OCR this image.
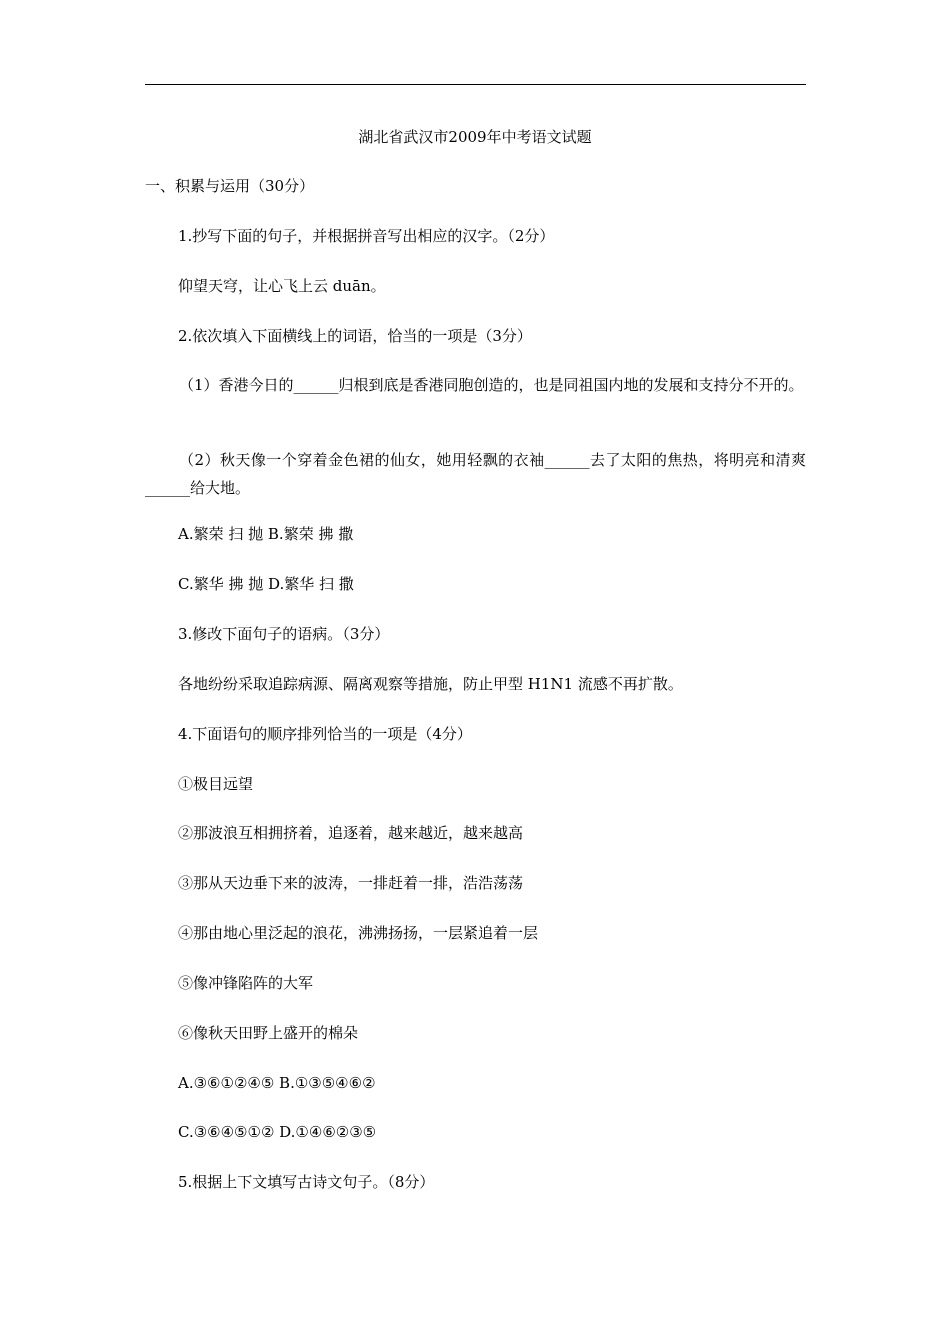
湖北省武汉市2009年中考语文试题
一、积累与运用（30分）
1.抄写下面的句子，并根据拼音写出相应的汉字。（2分）
仰望天穹，让心飞上云 duān。
2.依次填入下面横线上的词语，恰当的一项是（3分）
（1）香港今日的______归根到底是香港同胞创造的，也是同祖国内地的发展和支持分不开的。
（2）秋天像一个穿着金色裙的仙女，她用轻飘的衣袖______去了太阳的焦热，将明亮和清爽______给大地。
A.繁荣 扫 抛 B.繁荣 拂 撒
C.繁华 拂 抛 D.繁华 扫 撒
3.修改下面句子的语病。（3分）
各地纷纷采取追踪病源、隔离观察等措施，防止甲型 H1N1 流感不再扩散。
4.下面语句的顺序排列恰当的一项是（4分）
①极目远望
②那波浪互相拥挤着，追逐着，越来越近，越来越高
③那从天边垂下来的波涛，一排赶着一排，浩浩荡荡
④那由地心里泛起的浪花，沸沸扬扬，一层紧追着一层
⑤像冲锋陷阵的大军
⑥像秋天田野上盛开的棉朵
A.③⑥①②④⑤ B.①③⑤④⑥②
C.③⑥④⑤①② D.①④⑥②③⑤
5.根据上下文填写古诗文句子。（8分）
